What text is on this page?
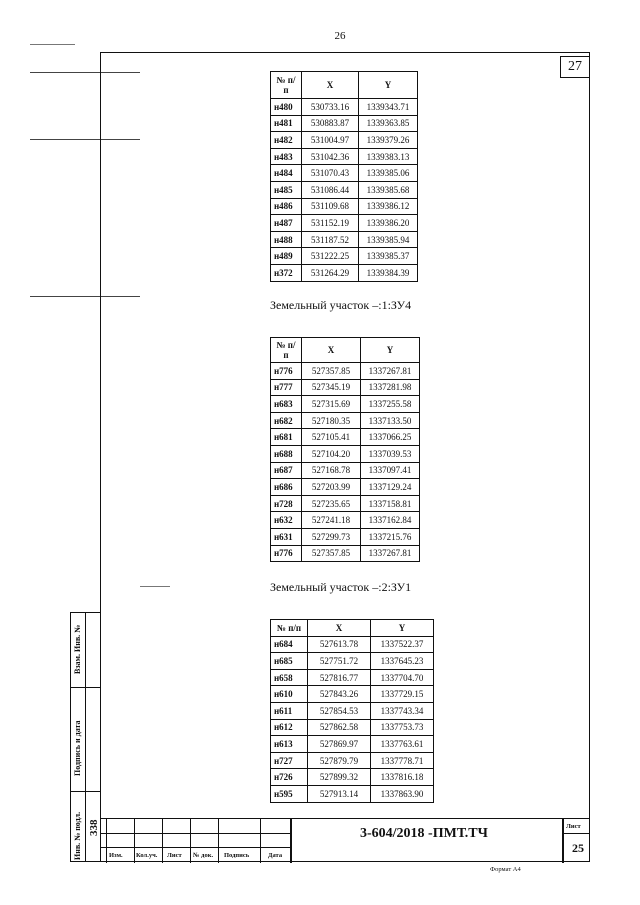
26
27
№ п/п	X	Y
н480	530733.16	1339343.71
н481	530883.87	1339363.85
н482	531004.97	1339379.26
н483	531042.36	1339383.13
н484	531070.43	1339385.06
н485	531086.44	1339385.68
н486	531109.68	1339386.12
н487	531152.19	1339386.20
н488	531187.52	1339385.94
н489	531222.25	1339385.37
н372	531264.29	1339384.39
Земельный участок –:1:ЗУ4
№ п/п	X	Y
н776	527357.85	1337267.81
н777	527345.19	1337281.98
н683	527315.69	1337255.58
н682	527180.35	1337133.50
н681	527105.41	1337066.25
н688	527104.20	1337039.53
н687	527168.78	1337097.41
н686	527203.99	1337129.24
н728	527235.65	1337158.81
н632	527241.18	1337162.84
н631	527299.73	1337215.76
н776	527357.85	1337267.81
Земельный участок –:2:ЗУ1
№ п/п	X	Y
н684	527613.78	1337522.37
н685	527751.72	1337645.23
н658	527816.77	1337704.70
н610	527843.26	1337729.15
н611	527854.53	1337743.34
н612	527862.58	1337753.73
н613	527869.97	1337763.61
н727	527879.79	1337778.71
н726	527899.32	1337816.18
н595	527913.14	1337863.90
Взам. Инв. №
Подпись и дата
Инв. № подл. 338	Лист
25
Изм. Кол.уч. Лист № док. Подпись	Дата
3-604/2018 -ПМТ.ТЧ
Формат А4
